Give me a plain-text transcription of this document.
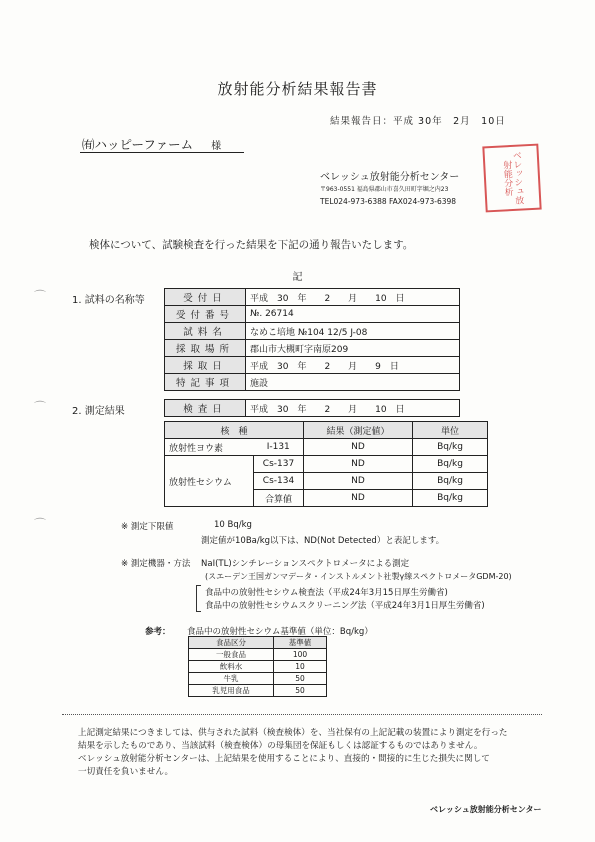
⌒
⌒
⌒
放射能分析結果報告書
結果報告日：平成 30年　2月　10日
㈲ハッピーファーム 様
ベレッシュ放射能分析センター
〒963-0551 福島県郡山市喜久田町字堀之内23
TEL024-973-6388 FAX024-973-6398	ベレッシュ放射能分析
検体について、試験検査を行った結果を下記の通り報告いたします。
記
1. 試料の名称等	受付日	平成　30　年　　2　　月　　10　日
受付番号	№. 26714
試料名	なめこ培地 №104 12/5 J-08
採取場所	郡山市大槻町字南原209
採取日	平成　30　年　　2　　月　　9　日
特記事項	施設
2. 測定結果	検査日	平成　30　年　　2　　月　　10　日
核　種		結果（測定値）	単位
放射性ヨウ素	I-131	ND	Bq/kg
放射性セシウム	Cs-137	ND	Bq/kg
	Cs-134	ND	Bq/kg
	合算値	ND	Bq/kg
※ 測定下限値	10 Bq/kg
測定値が10Ba/kg以下は、ND(Not Detected）と表記します。
※ 測定機器・方法 NaI(TL)シンチレーションスペクトロメータによる測定
(スエーデン王国ガンマデータ・インストルメント社製γ線スペクトロメータGDM-20)
食品中の放射性セシウム検査法（平成24年3月15日厚生労働省)
食品中の放射性セシウムスクリーニング法（平成24年3月1日厚生労働省)
参考： 食品中の放射性セシウム基準値（単位：Bq/kg）
食品区分	基準値
一般食品	100
飲料水	10
牛乳	50
乳児用食品	50
上記測定結果につきましては、供与された試料（検査検体）を、当社保有の上記記載の装置により測定を行った
結果を示したものであり、当該試料（検査検体）の母集団を保証もしくは認証するものではありません。
ベレッシュ放射能分析センターは、上記結果を使用することにより、直接的・間接的に生じた損失に関して
一切責任を負いません。
ベレッシュ放射能分析センター
